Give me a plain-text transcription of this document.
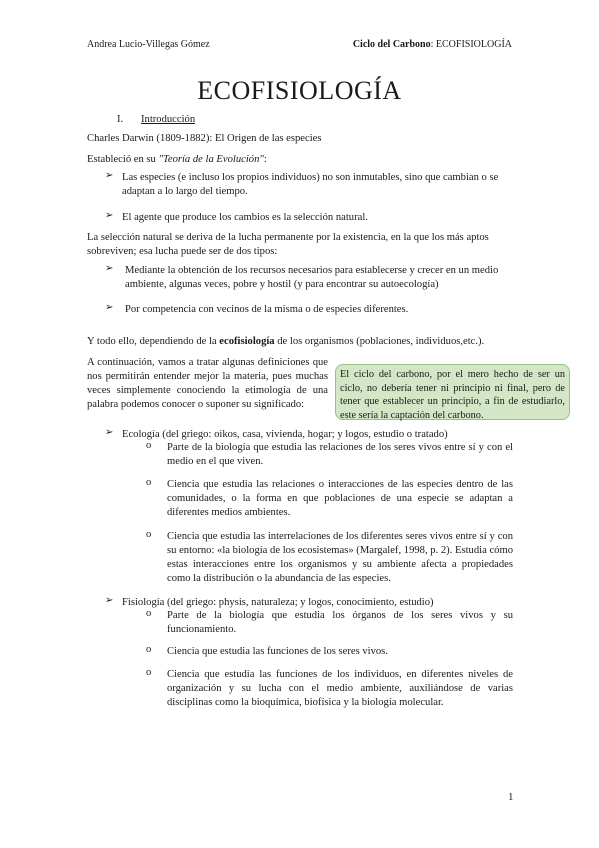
Andrea Lucio-Villegas Gómez	Ciclo del Carbono: ECOFISIOLOGÍA
ECOFISIOLOGÍA
I. Introducción
Charles Darwin (1809-1882): El Origen de las especies
Estableció en su "Teoría de la Evolución":
➢ Las especies (e incluso los propios individuos) no son inmutables, sino que cambian o se adaptan a lo largo del tiempo.
➢ El agente que produce los cambios es la selección natural.
La selección natural se deriva de la lucha permanente por la existencia, en la que los más aptos sobreviven; esa lucha puede ser de dos tipos:
➢ Mediante la obtención de los recursos necesarios para establecerse y crecer en un medio ambiente, algunas veces, pobre y hostil (y para encontrar su autoecología)
➢ Por competencia con vecinos de la misma o de especies diferentes.
Y todo ello, dependiendo de la ecofisiología de los organismos (poblaciones, individuos,etc.).
A continuación, vamos a tratar algunas definiciones que nos permitirán entender mejor la materia, pues muchas veces simplemente conociendo la etimología de una palabra podemos conocer o suponer su significado:
El ciclo del carbono, por el mero hecho de ser un ciclo, no debería tener ni principio ni final, pero de tener que establecer un principio, a fin de estudiarlo, este sería la captación del carbono.
➢ Ecología (del griego: oikos, casa, vivienda, hogar; y logos, estudio o tratado)
o Parte de la biología que estudia las relaciones de los seres vivos entre sí y con el medio en el que viven.
o Ciencia que estudia las relaciones o interacciones de las especies dentro de las comunidades, o la forma en que poblaciones de una especie se adaptan a diferentes medios ambientes.
o Ciencia que estudia las interrelaciones de los diferentes seres vivos entre sí y con su entorno: «la biología de los ecosistemas» (Margalef, 1998, p. 2). Estudia cómo estas interacciones entre los organismos y su ambiente afecta a propiedades como la distribución o la abundancia de las especies.
➢ Fisiología (del griego: physis, naturaleza; y logos, conocimiento, estudio)
o Parte de la biología que estudia los órganos de los seres vivos y su funcionamiento.
o Ciencia que estudia las funciones de los seres vivos.
o Ciencia que estudia las funciones de los individuos, en diferentes niveles de organización y su lucha con el medio ambiente, auxiliándose de varias disciplinas como la bioquímica, biofísica y la biología molecular.
1
